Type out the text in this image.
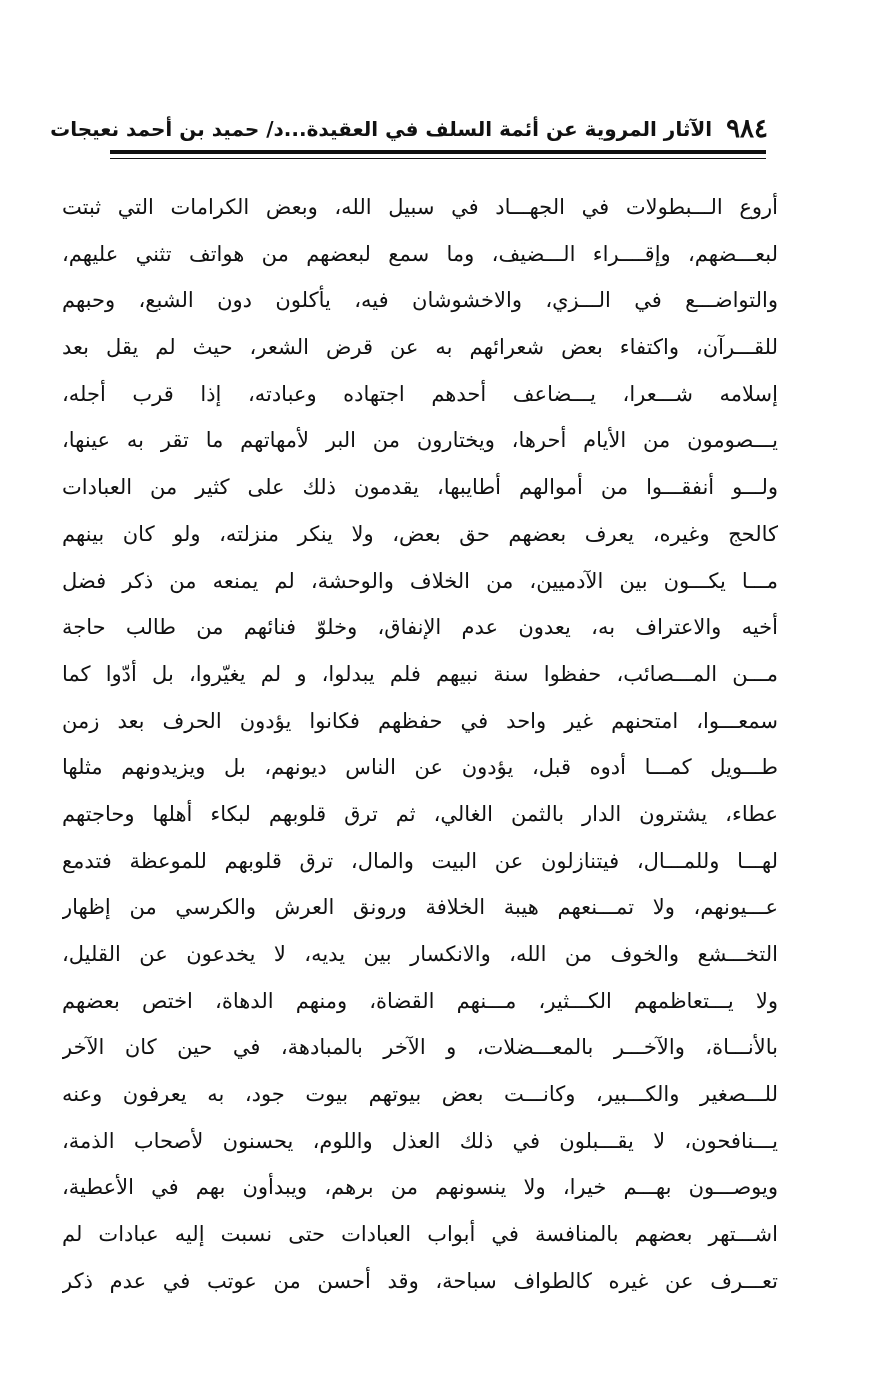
٩٨٤
الآثار المروية عن أئمة السلف في العقيدة...د/ حميد بن أحمد نعيجات
أروع الـــبطولات في الجهـــاد في سبيل الله، وبعض الكرامات التي ثبتت
لبعـــضهم، وإقــــراء الـــضيف، وما سمع لبعضهم من هواتف تثني عليهم،
والتواضـــع في الـــزي، والاخشوشان فيه، يأكلون دون الشبع، وحبهم
للقـــرآن، واكتفاء بعض شعرائهم به عن قرض الشعر، حيث لم يقل بعد
إسلامه شـــعرا، يـــضاعف أحدهم اجتهاده وعبادته، إذا قرب أجله،
يـــصومون من الأيام أحرها، ويختارون من البر لأمهاتهم ما تقر به عينها،
ولـــو أنفقـــوا من أموالهم أطايبها، يقدمون ذلك على كثير من العبادات
كالحج وغيره، يعرف بعضهم حق بعض، ولا ينكر منزلته، ولو كان بينهم
مـــا يكـــون بين الآدميين، من الخلاف والوحشة، لم يمنعه من ذكر فضل
أخيه والاعتراف به، يعدون عدم الإنفاق، وخلوّ فنائهم من طالب حاجة
مـــن المـــصائب، حفظوا سنة نبيهم فلم يبدلوا، و لم يغيّروا، بل أدّوا كما
سمعـــوا، امتحنهم غير واحد في حفظهم فكانوا يؤدون الحرف بعد زمن
طـــويل كمـــا أدوه قبل، يؤدون عن الناس ديونهم، بل ويزيدونهم مثلها
عطاء، يشترون الدار بالثمن الغالي، ثم ترق قلوبهم لبكاء أهلها وحاجتهم
لهـــا وللمـــال، فيتنازلون عن البيت والمال، ترق قلوبهم للموعظة فتدمع
عـــيونهم، ولا تمـــنعهم هيبة الخلافة ورونق العرش والكرسي من إظهار
التخـــشع والخوف من الله، والانكسار بين يديه، لا يخدعون عن القليل،
ولا يـــتعاظمهم الكـــثير، مـــنهم القضاة، ومنهم الدهاة، اختص بعضهم
بالأنـــاة، والآخـــر بالمعـــضلات، و الآخر بالمبادهة، في حين كان الآخر
للـــصغير والكـــبير، وكانـــت بعض بيوتهم بيوت جود، به يعرفون وعنه
يـــنافحون، لا يقـــبلون في ذلك العذل واللوم، يحسنون لأصحاب الذمة،
ويوصـــون بهـــم خيرا، ولا ينسونهم من برهم، ويبدأون بهم في الأعطية،
اشـــتهر بعضهم بالمنافسة في أبواب العبادات حتى نسبت إليه عبادات لم
تعـــرف عن غيره كالطواف سباحة، وقد أحسن من عوتب في عدم ذكر
